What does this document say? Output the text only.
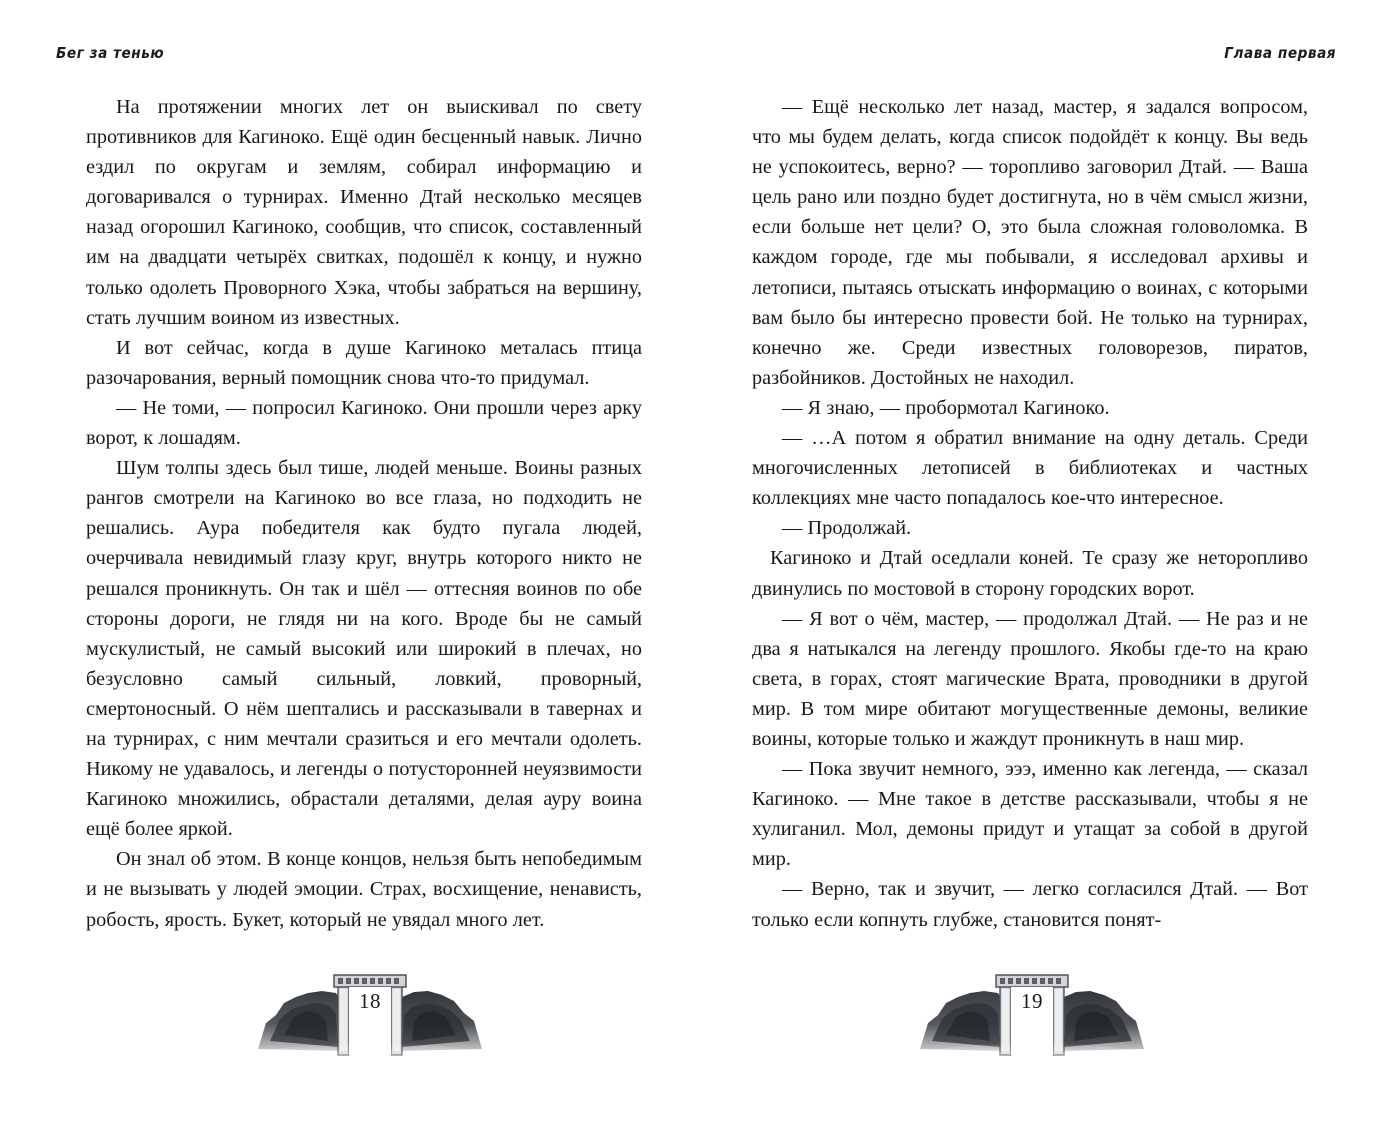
Бег за тенью	Глава первая

На протяжении многих лет он выискивал по свету противников для Кагиноко. Ещё один бесценный навык. Лично ездил по округам и землям, собирал информацию и договаривался о турнирах. Именно Дтай несколько месяцев назад огорошил Кагиноко, сообщив, что список, составленный им на двадцати четырёх свитках, подошёл к концу, и нужно только одолеть Проворного Хэка, чтобы забраться на вершину, стать лучшим воином из известных.

И вот сейчас, когда в душе Кагиноко металась птица разочарования, верный помощник снова что-то придумал.

— Не томи, — попросил Кагиноко. Они прошли через арку ворот, к лошадям.

Шум толпы здесь был тише, людей меньше. Воины разных рангов смотрели на Кагиноко во все глаза, но подходить не решались. Аура победителя как будто пугала людей, очерчивала невидимый глазу круг, внутрь которого никто не решался проникнуть. Он так и шёл — оттесняя воинов по обе стороны дороги, не глядя ни на кого. Вроде бы не самый мускулистый, не самый высокий или широкий в плечах, но безусловно самый сильный, ловкий, проворный, смертоносный. О нём шептались и рассказывали в тавернах и на турнирах, с ним мечтали сразиться и его мечтали одолеть. Никому не удавалось, и легенды о потусторонней неуязвимости Кагиноко множились, обрастали деталями, делая ауру воина ещё более яркой.

Он знал об этом. В конце концов, нельзя быть непобедимым и не вызывать у людей эмоции. Страх, восхищение, ненависть, робость, ярость. Букет, который не увядал много лет.

— Ещё несколько лет назад, мастер, я задался вопросом, что мы будем делать, когда список подойдёт к концу. Вы ведь не успокоитесь, верно? — торопливо заговорил Дтай. — Ваша цель рано или поздно будет достигнута, но в чём смысл жизни, если больше нет цели? О, это была сложная головоломка. В каждом городе, где мы побывали, я исследовал архивы и летописи, пытаясь отыскать информацию о воинах, с которыми вам было бы интересно провести бой. Не только на турнирах, конечно же. Среди известных головорезов, пиратов, разбойников. Достойных не находил.

— Я знаю, — пробормотал Кагиноко.

— …А потом я обратил внимание на одну деталь. Среди многочисленных летописей в библиотеках и частных коллекциях мне часто попадалось кое-что интересное.

— Продолжай.

Кагиноко и Дтай оседлали коней. Те сразу же неторопливо двинулись по мостовой в сторону городских ворот.

— Я вот о чём, мастер, — продолжал Дтай. — Не раз и не два я натыкался на легенду прошлого. Якобы где-то на краю света, в горах, стоят магические Врата, проводники в другой мир. В том мире обитают могущественные демоны, великие воины, которые только и жаждут проникнуть в наш мир.

— Пока звучит немного, эээ, именно как легенда, — сказал Кагиноко. — Мне такое в детстве рассказывали, чтобы я не хулиганил. Мол, демоны придут и утащат за собой в другой мир.

— Верно, так и звучит, — легко согласился Дтай. — Вот только если копнуть глубже, становится понят-

18	19
